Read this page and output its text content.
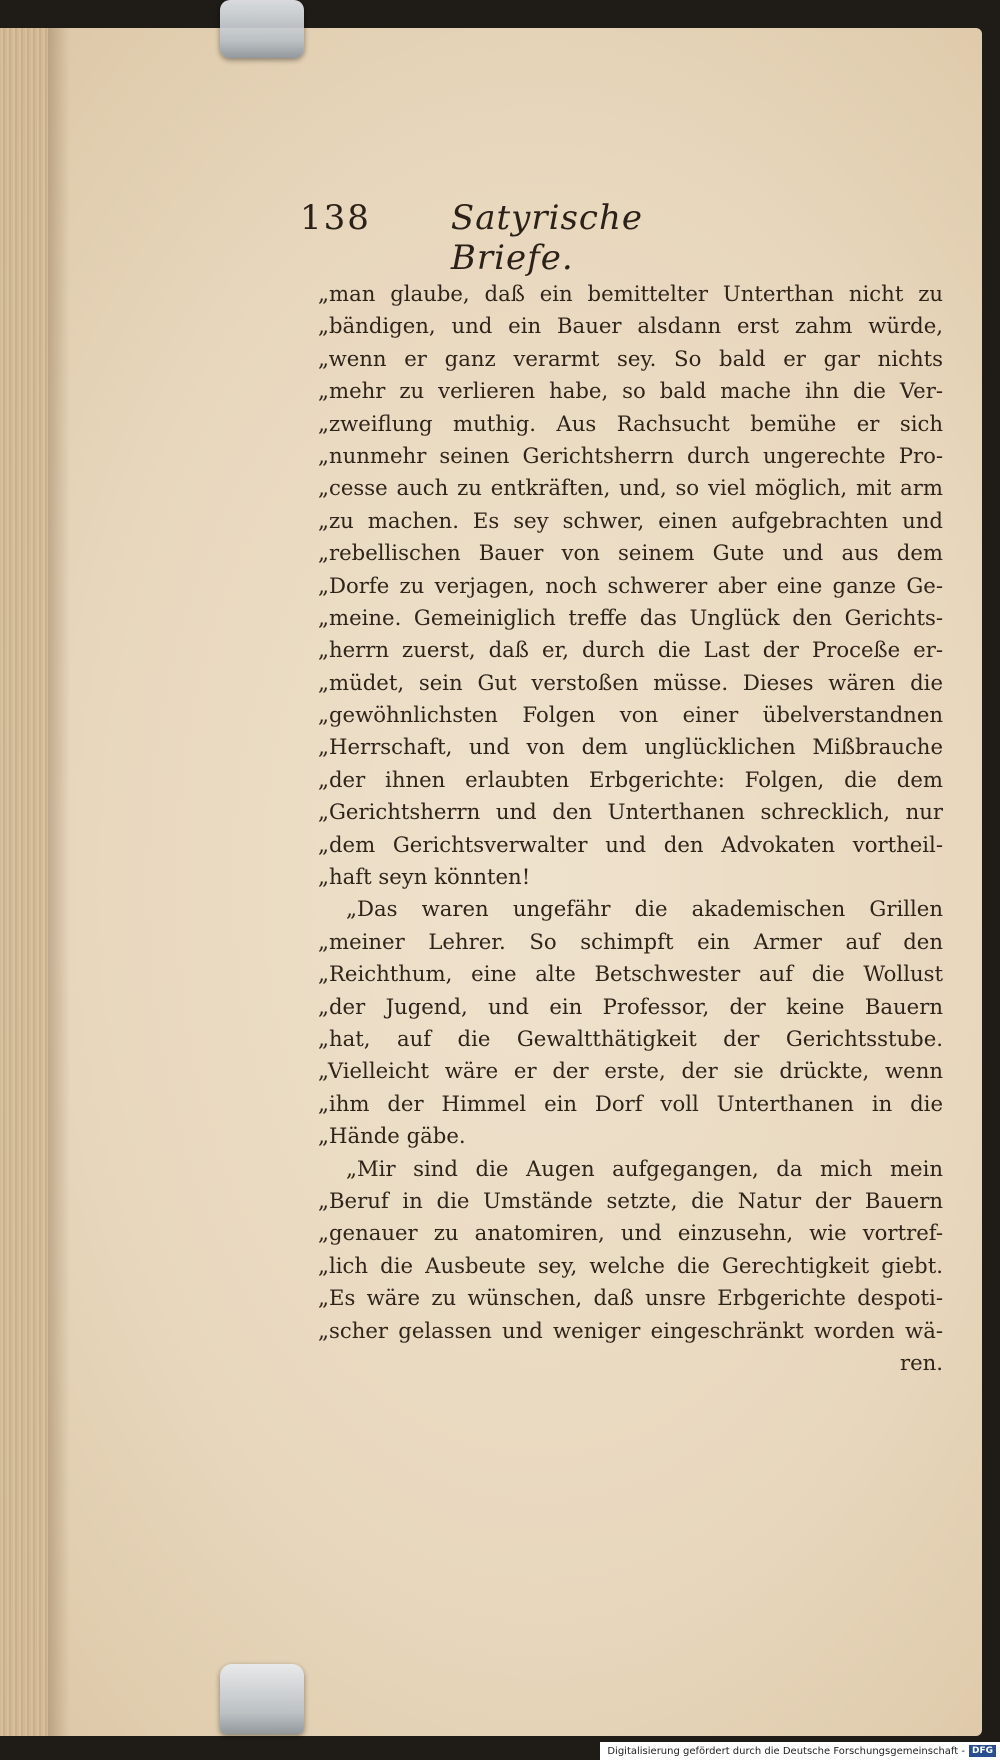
138 Satyrische Briefe.
„man glaube, daß ein bemittelter Unterthan nicht zu
„bändigen, und ein Bauer alsdann erst zahm würde,
„wenn er ganz verarmt sey. So bald er gar nichts
„mehr zu verlieren habe, so bald mache ihn die Ver-
„zweiflung muthig. Aus Rachsucht bemühe er sich
„nunmehr seinen Gerichtsherrn durch ungerechte Pro-
„cesse auch zu entkräften, und, so viel möglich, mit arm
„zu machen. Es sey schwer, einen aufgebrachten und
„rebellischen Bauer von seinem Gute und aus dem
„Dorfe zu verjagen, noch schwerer aber eine ganze Ge-
„meine. Gemeiniglich treffe das Unglück den Gerichts-
„herrn zuerst, daß er, durch die Last der Proceße er-
„müdet, sein Gut verstoßen müsse. Dieses wären die
„gewöhnlichsten Folgen von einer übelverstandnen
„Herrschaft, und von dem unglücklichen Mißbrauche
„der ihnen erlaubten Erbgerichte: Folgen, die dem
„Gerichtsherrn und den Unterthanen schrecklich, nur
„dem Gerichtsverwalter und den Advokaten vortheil-
„haft seyn könnten!
„Das waren ungefähr die akademischen Grillen
„meiner Lehrer. So schimpft ein Armer auf den
„Reichthum, eine alte Betschwester auf die Wollust
„der Jugend, und ein Professor, der keine Bauern
„hat, auf die Gewaltthätigkeit der Gerichtsstube.
„Vielleicht wäre er der erste, der sie drückte, wenn
„ihm der Himmel ein Dorf voll Unterthanen in die
„Hände gäbe.
„Mir sind die Augen aufgegangen, da mich mein
„Beruf in die Umstände setzte, die Natur der Bauern
„genauer zu anatomiren, und einzusehn, wie vortref-
„lich die Ausbeute sey, welche die Gerechtigkeit giebt.
„Es wäre zu wünschen, daß unsre Erbgerichte despoti-
„scher gelassen und weniger eingeschränkt worden wä-
ren.
Digitalisierung gefördert durch die Deutsche Forschungsgemeinschaft - DFG
